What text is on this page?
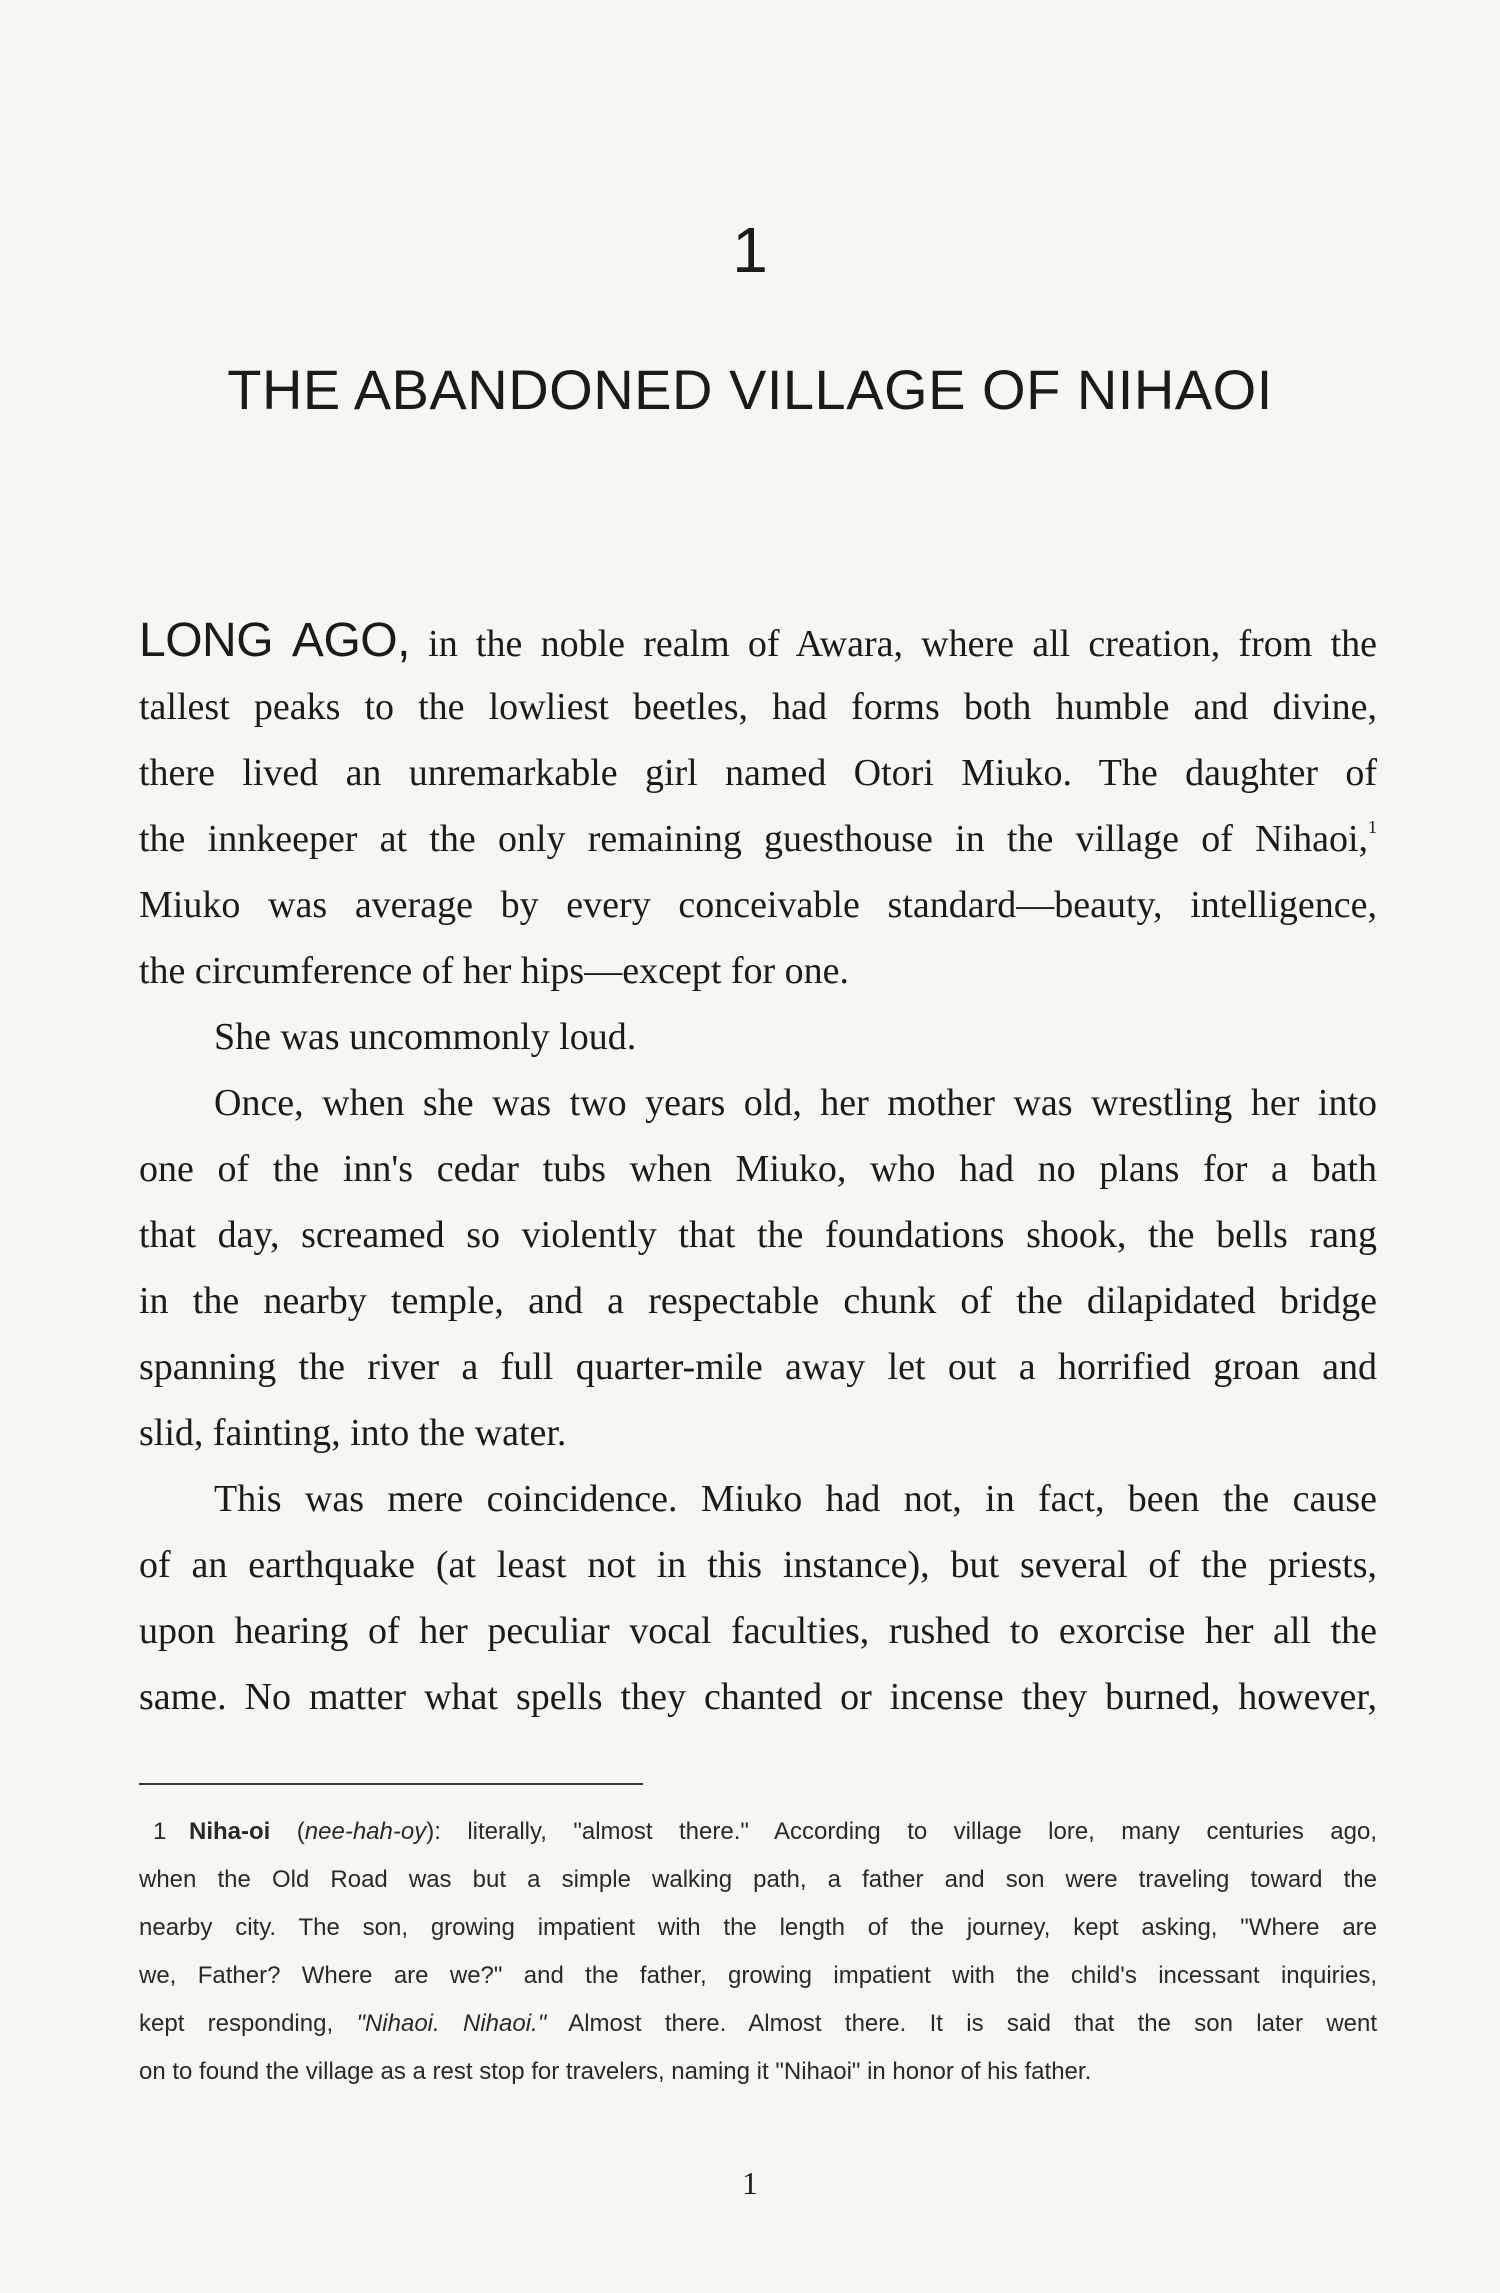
1
THE ABANDONED VILLAGE OF NIHAOI
LONG AGO, in the noble realm of Awara, where all creation, from the
tallest peaks to the lowliest beetles, had forms both humble and divine,
there lived an unremarkable girl named Otori Miuko. The daughter of
the innkeeper at the only remaining guesthouse in the village of Nihaoi,$^1$
Miuko was average by every conceivable standard—beauty, intelligence,
the circumference of her hips—except for one.
She was uncommonly loud.
Once, when she was two years old, her mother was wrestling her into
one of the inn's cedar tubs when Miuko, who had no plans for a bath
that day, screamed so violently that the foundations shook, the bells rang
in the nearby temple, and a respectable chunk of the dilapidated bridge
spanning the river a full quarter-mile away let out a horrified groan and
slid, fainting, into the water.
This was mere coincidence. Miuko had not, in fact, been the cause
of an earthquake (at least not in this instance), but several of the priests,
upon hearing of her peculiar vocal faculties, rushed to exorcise her all the
same. No matter what spells they chanted or incense they burned, however,
1 Niha-oi (nee-hah-oy): literally, "almost there." According to village lore, many centuries ago,
when the Old Road was but a simple walking path, a father and son were traveling toward the
nearby city. The son, growing impatient with the length of the journey, kept asking, "Where are
we, Father? Where are we?" and the father, growing impatient with the child's incessant inquiries,
kept responding, "Nihaoi. Nihaoi." Almost there. Almost there. It is said that the son later went
on to found the village as a rest stop for travelers, naming it "Nihaoi" in honor of his father.
1
